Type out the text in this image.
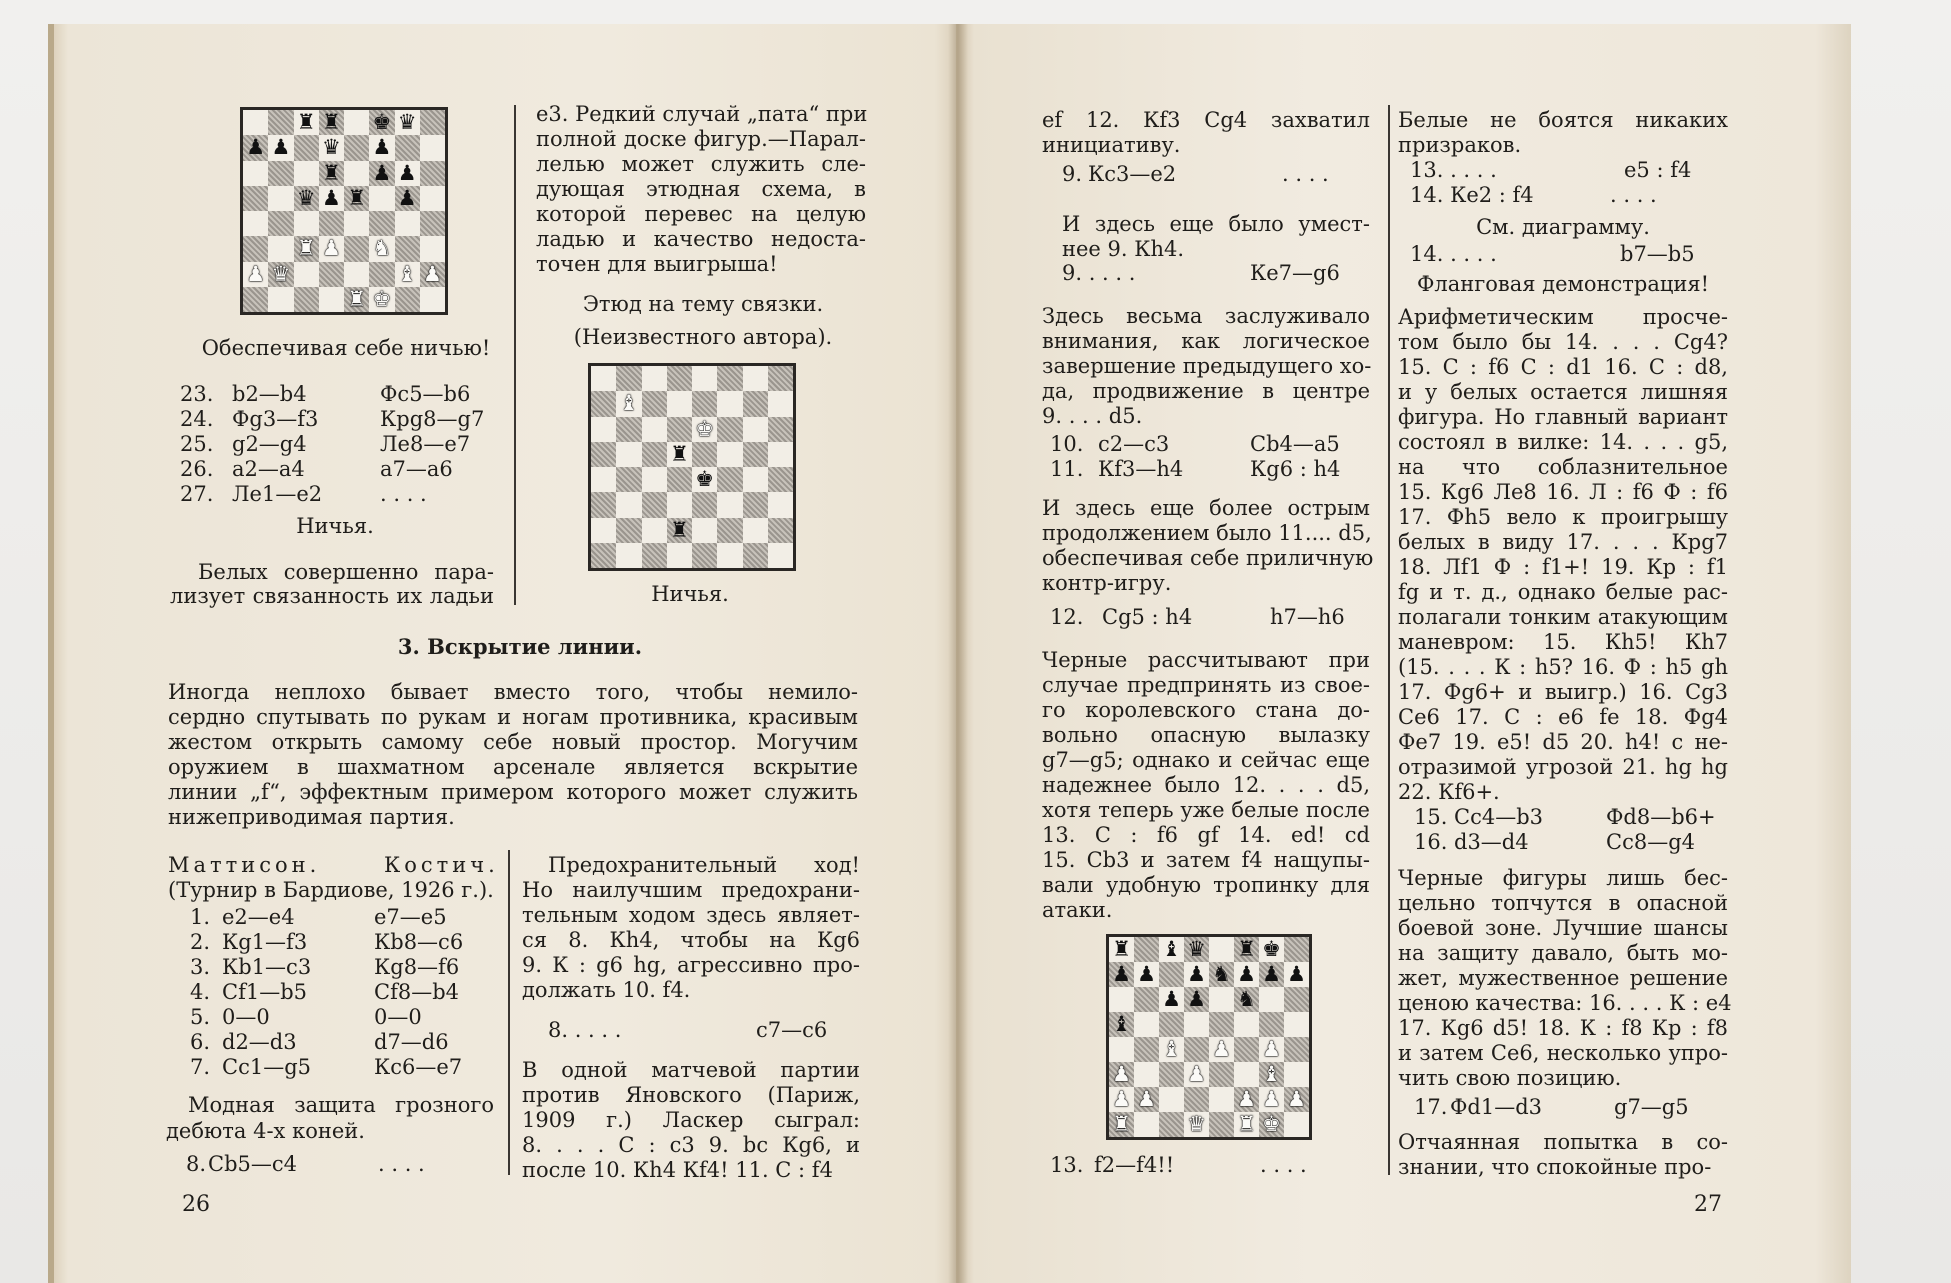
♜ ♜ ♚ ♛
♟ ♟ ♛ ♟
♜ ♟ ♟
♛ ♟ ♜ ♟
♜ ♟ ♞
♟ ♛	♝ ♟
♜ ♚
Обеспечивая себе ничью!
23. b2—b4	Фc5—b6
24. Фg3—f3	Крg8—g7
25. g2—g4	Лe8—e7
26. a2—a4	a7—a6
27. Лe1—e2	. . . .
Ничья.
Белых совершенно пара-
лизует связанность их ладьи
e3. Редкий случай „пата“ при
полной доске фигур.—Парал-
лелью может служить сле-
дующая этюдная схема, в
которой перевес на целую
ладью и качество недоста-
точен для выигрыша!
Этюд на тему связки.
(Неизвестного автора).
♝
♚
♜
♚
♜
Ничья.
3. Вскрытие линии.
Иногда неплохо бывает вместо того, чтобы немило-
сердно спутывать по рукам и ногам противника, красивым
жестом открыть самому себе новый простор. Могучим
оружием в шахматном арсенале является вскрытие
линии „f“, эффектным примером которого может служить
нижеприводимая партия.
Маттисон.	Костич.
(Турнир в Бардиове, 1926 г.).
1. e2—e4	e7—e5
2. Кg1—f3	Кb8—c6
3. Кb1—c3	Кg8—f6
4. Сf1—b5	Сf8—b4
5. 0—0	0—0
6. d2—d3	d7—d6
7. Сc1—g5	Кc6—e7
Модная защита грозного
дебюта 4-х коней.
8. Сb5—c4	. . . .
Предохранительный ход!
Но наилучшим предохрани-
тельным ходом здесь являет-
ся 8. Кh4, чтобы на Кg6
9. К : g6 hg, агрессивно про-
должать 10. f4.
8. . . . .	c7—c6
В одной матчевой партии
против Яновского (Париж,
1909 г.) Ласкер сыграл:
8. . . . С : c3 9. bc Кg6, и
после 10. Кh4 Кf4! 11. С : f4
26
ef 12. Кf3 Сg4 захватил
инициативу.
9. Кc3—e2	. . . .
И здесь еще было умест-
нее 9. Кh4.
9. . . . .	Кe7—g6
Здесь весьма заслуживало
внимания, как логическое
завершение предыдущего хо-
да, продвижение в центре
9. . . . d5.
10. c2—c3	Сb4—a5
11. Кf3—h4	Кg6 : h4
И здесь еще более острым
продолжением было 11.... d5,
обеспечивая себе приличную
контр-игру.
12. Сg5 : h4	h7—h6
Черные рассчитывают при
случае предпринять из свое-
го королевского стана до-
вольно опасную вылазку
g7—g5; однако и сейчас еще
надежнее было 12. . . . d5,
хотя теперь уже белые после
13. С : f6 gf 14. ed! cd
15. Сb3 и затем f4 нащупы-
вали удобную тропинку для
атаки.
♜ ♝ ♛ ♜ ♚
♟ ♟ ♟ ♞ ♟ ♟ ♟
♟ ♟ ♞
♝
♝ ♟ ♟
♟	♟	♝
♟ ♟	♟ ♟ ♟
♜	♛ ♜ ♚
13. f2—f4!!	. . . .
Белые не боятся никаких
призраков.
13. . . . .	e5 : f4
14. Кe2 : f4	. . . .
См. диаграмму.
14. . . . .	b7—b5
Фланговая демонстрация!
Арифметическим просче-
том было бы 14. . . . Сg4?
15. С : f6 С : d1 16. С : d8,
и у белых остается лишняя
фигура. Но главный вариант
состоял в вилке: 14. . . . g5,
на что соблазнительное
15. Кg6 Лe8 16. Л : f6 Ф : f6
17. Фh5 вело к проигрышу
белых в виду 17. . . . Крg7
18. Лf1 Ф : f1+! 19. Кр : f1
fg и т. д., однако белые рас-
полагали тонким атакующим
маневром: 15. Кh5! Кh7
(15. . . . К : h5? 16. Ф : h5 gh
17. Фg6+ и выигр.) 16. Сg3
Сe6 17. С : e6 fe 18. Фg4
Фe7 19. e5! d5 20. h4! с не-
отразимой угрозой 21. hg hg
22. Кf6+.
15. Сc4—b3	Фd8—b6+
16. d3—d4	Сc8—g4
Черные фигуры лишь бес-
цельно топчутся в опасной
боевой зоне. Лучшие шансы
на защиту давало, быть мо-
жет, мужественное решение
ценою качества: 16. . . . К : e4
17. Кg6 d5! 18. К : f8 Кр : f8
и затем Сe6, несколько упро-
чить свою позицию.
17. Фd1—d3	g7—g5
Отчаянная попытка в со-
знании, что спокойные про-
27
